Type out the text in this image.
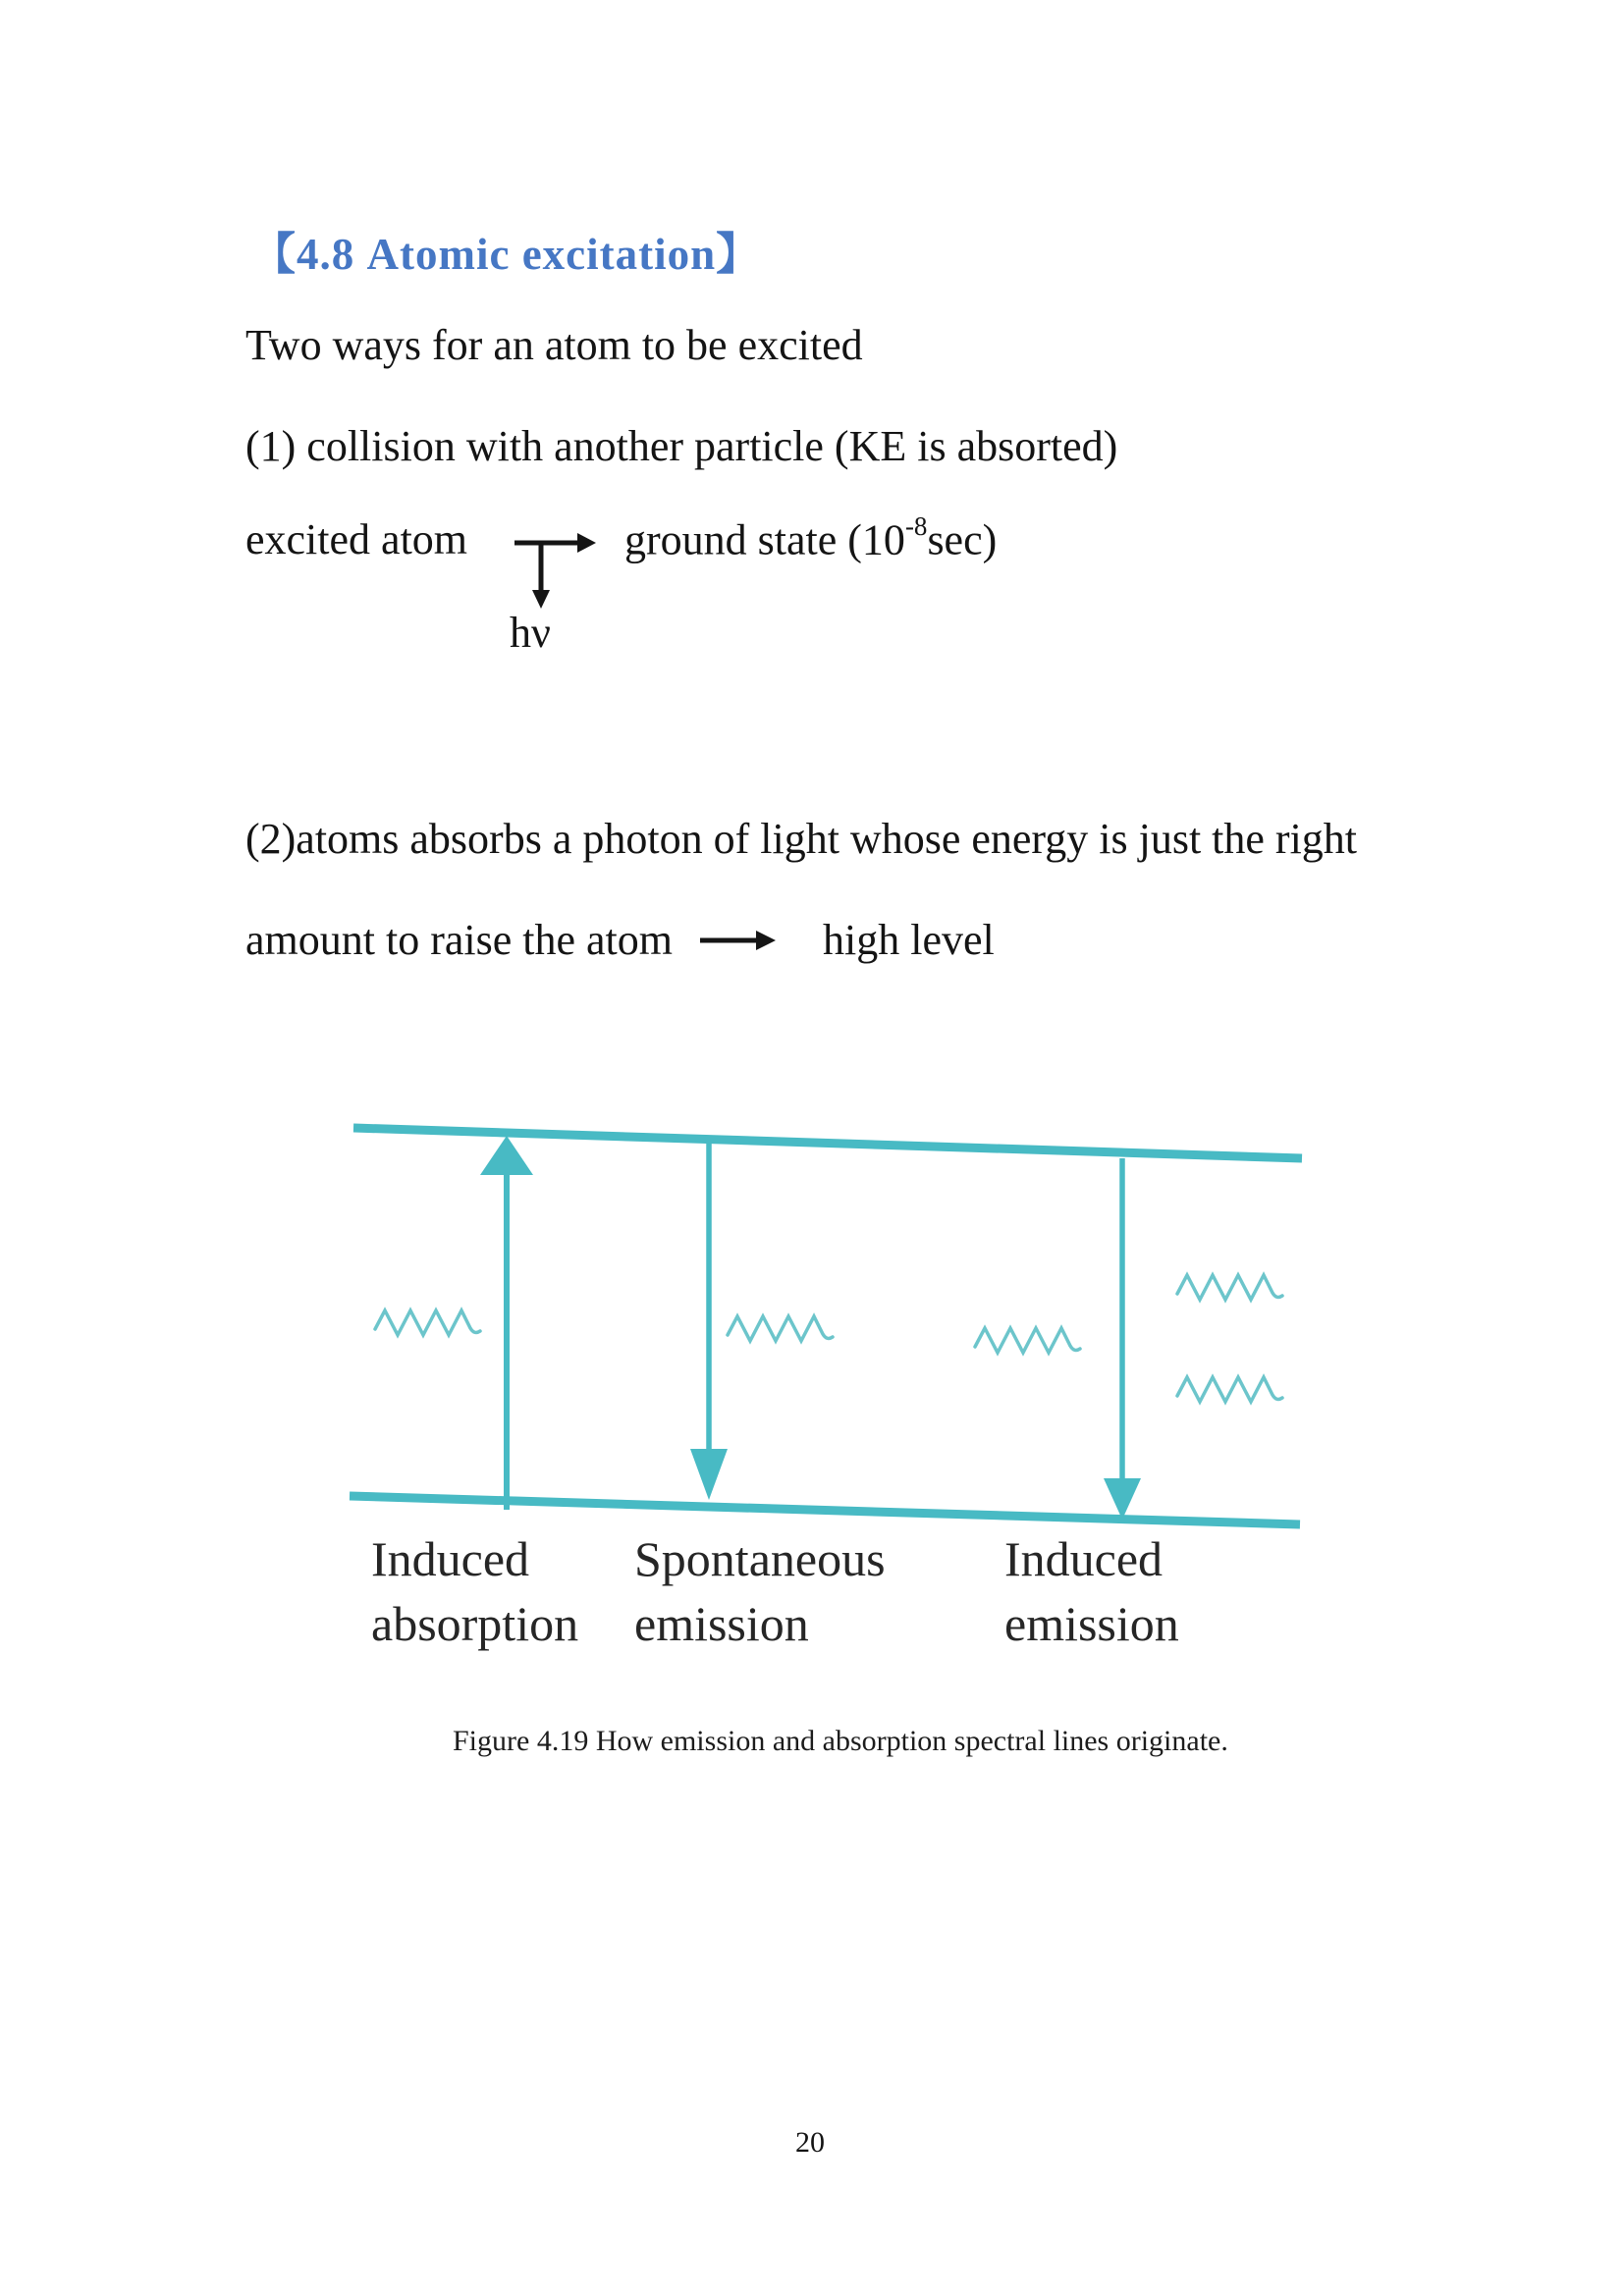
【4.8 Atomic excitation】
Two ways for an atom to be excited
(1) collision with another particle (KE is absorted)
excited atom	ground state $(10^{-8}\sec)$
hν
(2)atoms absorbs a photon of light whose energy is just the right
amount to raise the atom	high level
Induced
absorption
Spontaneous
emission
Induced
emission
Figure 4.19 How emission and absorption spectral lines originate.
20
